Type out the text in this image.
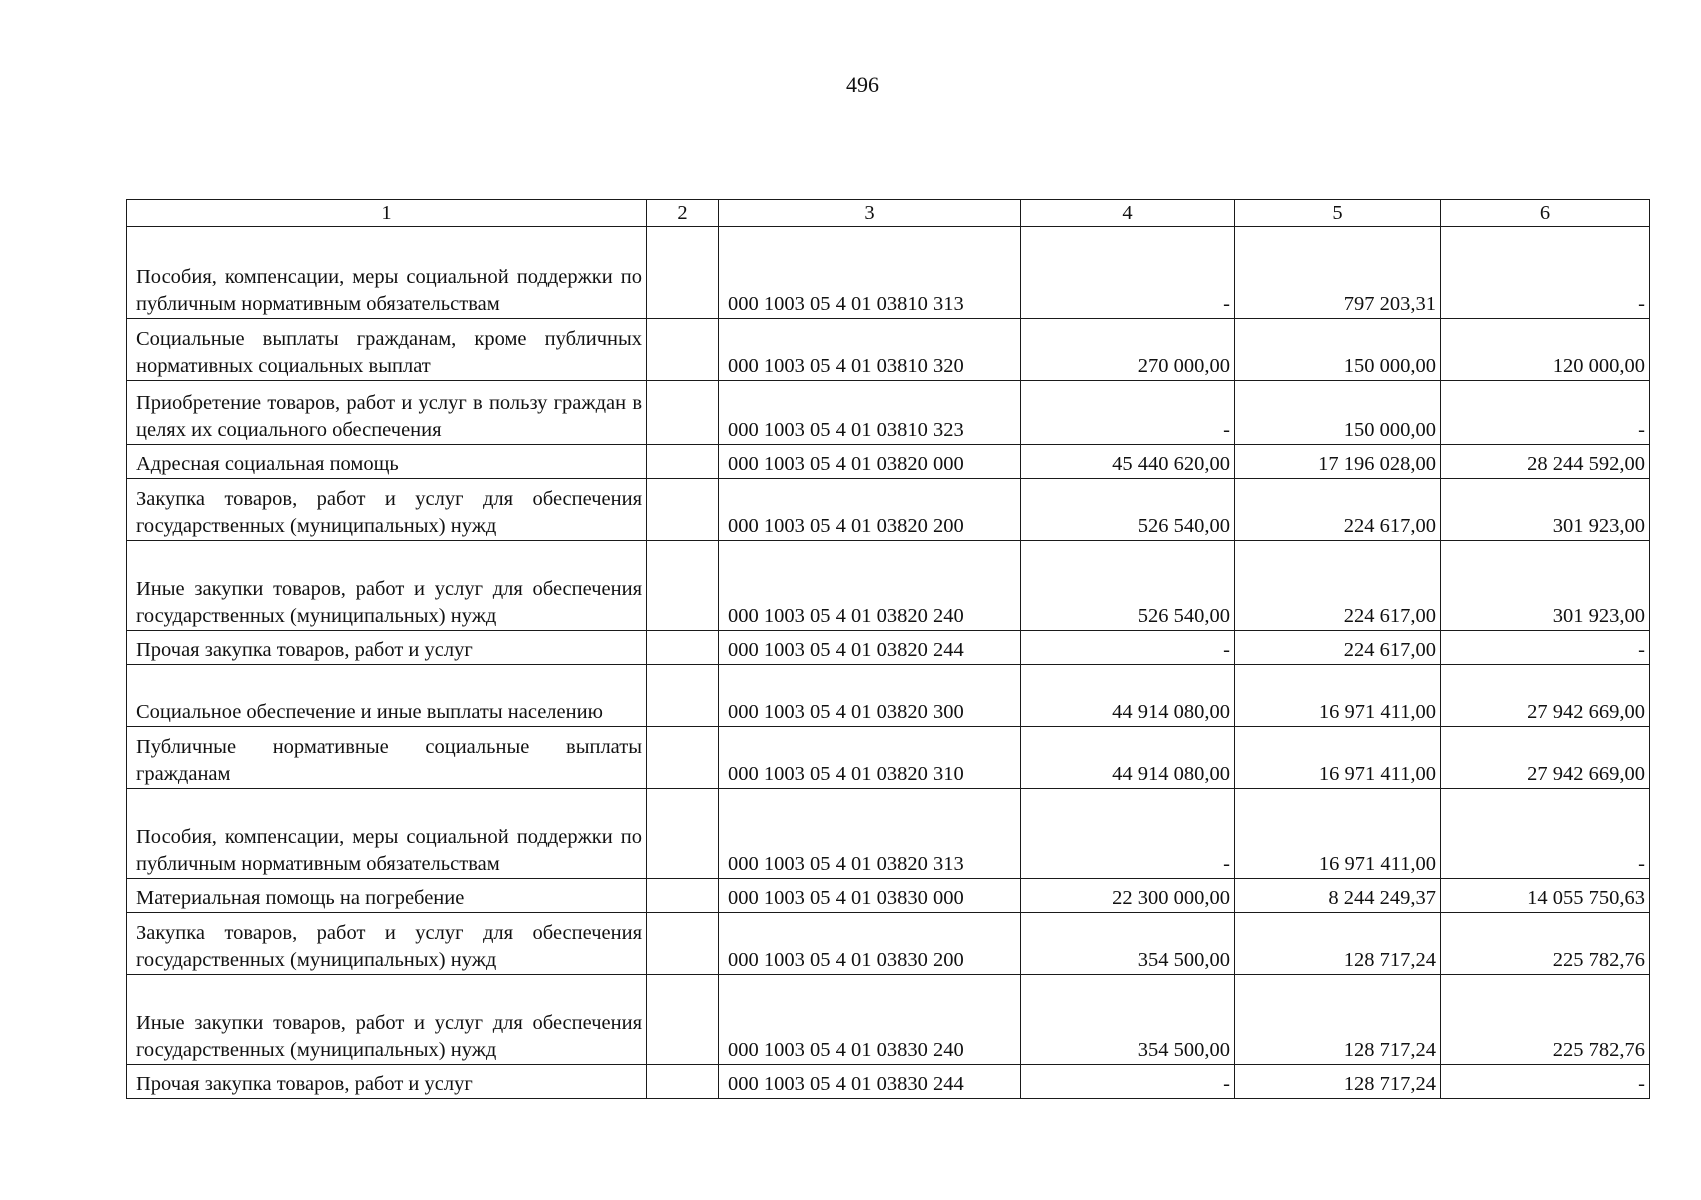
496
1	2	3	4	5	6
Пособия, компенсации, меры социальной поддержки по публичным нормативным обязательствам		000 1003 05 4 01 03810 313	-	797 203,31	-
Социальные выплаты гражданам, кроме публичных нормативных социальных выплат		000 1003 05 4 01 03810 320	270 000,00	150 000,00	120 000,00
Приобретение товаров, работ и услуг в пользу граждан в целях их социального обеспечения		000 1003 05 4 01 03810 323	-	150 000,00	-
Адресная социальная помощь		000 1003 05 4 01 03820 000	45 440 620,00	17 196 028,00	28 244 592,00
Закупка товаров, работ и услуг для обеспечения государственных (муниципальных) нужд		000 1003 05 4 01 03820 200	526 540,00	224 617,00	301 923,00
Иные закупки товаров, работ и услуг для обеспечения государственных (муниципальных) нужд		000 1003 05 4 01 03820 240	526 540,00	224 617,00	301 923,00
Прочая закупка товаров, работ и услуг		000 1003 05 4 01 03820 244	-	224 617,00	-
Социальное обеспечение и иные выплаты населению		000 1003 05 4 01 03820 300	44 914 080,00	16 971 411,00	27 942 669,00
Публичные нормативные социальные выплаты гражданам		000 1003 05 4 01 03820 310	44 914 080,00	16 971 411,00	27 942 669,00
Пособия, компенсации, меры социальной поддержки по публичным нормативным обязательствам		000 1003 05 4 01 03820 313	-	16 971 411,00	-
Материальная помощь на погребение		000 1003 05 4 01 03830 000	22 300 000,00	8 244 249,37	14 055 750,63
Закупка товаров, работ и услуг для обеспечения государственных (муниципальных) нужд		000 1003 05 4 01 03830 200	354 500,00	128 717,24	225 782,76
Иные закупки товаров, работ и услуг для обеспечения государственных (муниципальных) нужд		000 1003 05 4 01 03830 240	354 500,00	128 717,24	225 782,76
Прочая закупка товаров, работ и услуг		000 1003 05 4 01 03830 244	-	128 717,24	-
